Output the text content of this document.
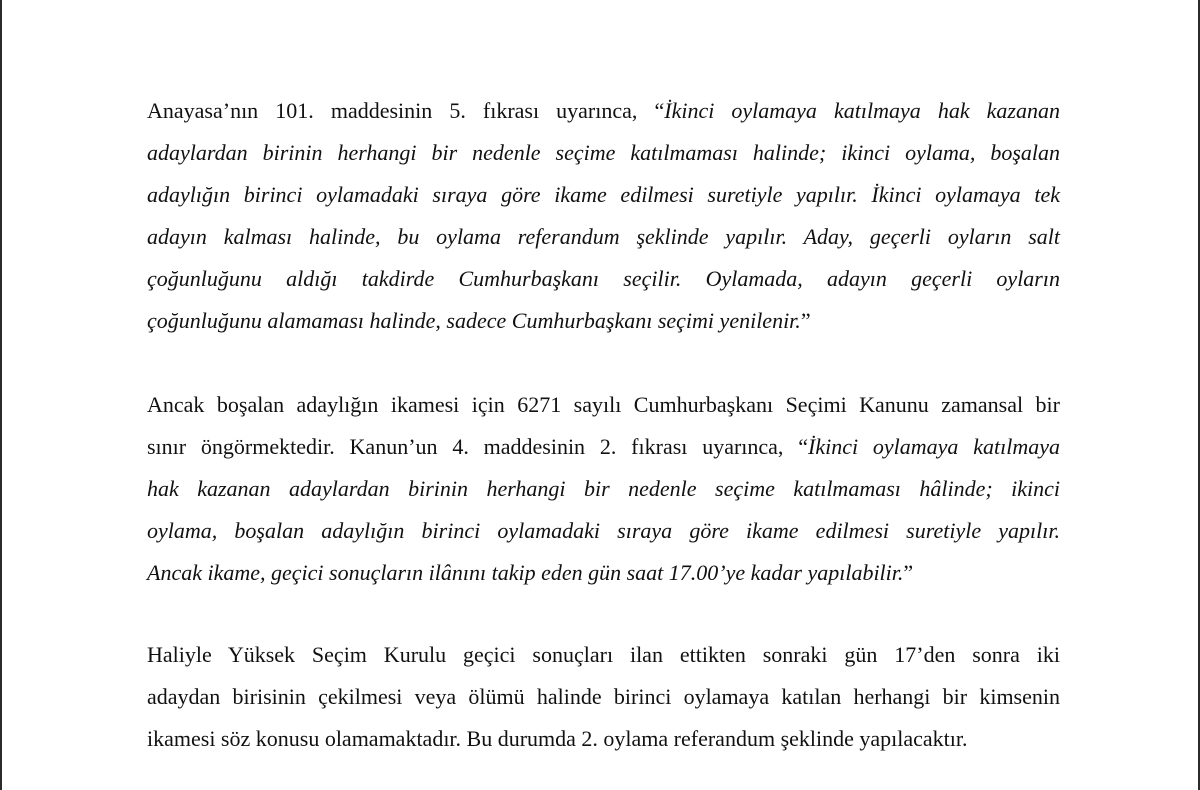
Anayasa’nın 101. maddesinin 5. fıkrası uyarınca, “İkinci oylamaya katılmaya hak kazanan
adaylardan birinin herhangi bir nedenle seçime katılmaması halinde; ikinci oylama, boşalan
adaylığın birinci oylamadaki sıraya göre ikame edilmesi suretiyle yapılır. İkinci oylamaya tek
adayın kalması halinde, bu oylama referandum şeklinde yapılır. Aday, geçerli oyların salt
çoğunluğunu aldığı takdirde Cumhurbaşkanı seçilir. Oylamada, adayın geçerli oyların
çoğunluğunu alamaması halinde, sadece Cumhurbaşkanı seçimi yenilenir.”
Ancak boşalan adaylığın ikamesi için 6271 sayılı Cumhurbaşkanı Seçimi Kanunu zamansal bir
sınır öngörmektedir. Kanun’un 4. maddesinin 2. fıkrası uyarınca, “İkinci oylamaya katılmaya
hak kazanan adaylardan birinin herhangi bir nedenle seçime katılmaması hâlinde; ikinci
oylama, boşalan adaylığın birinci oylamadaki sıraya göre ikame edilmesi suretiyle yapılır.
Ancak ikame, geçici sonuçların ilânını takip eden gün saat 17.00’ye kadar yapılabilir.”
Haliyle Yüksek Seçim Kurulu geçici sonuçları ilan ettikten sonraki gün 17’den sonra iki
adaydan birisinin çekilmesi veya ölümü halinde birinci oylamaya katılan herhangi bir kimsenin
ikamesi söz konusu olamamaktadır. Bu durumda 2. oylama referandum şeklinde yapılacaktır.
